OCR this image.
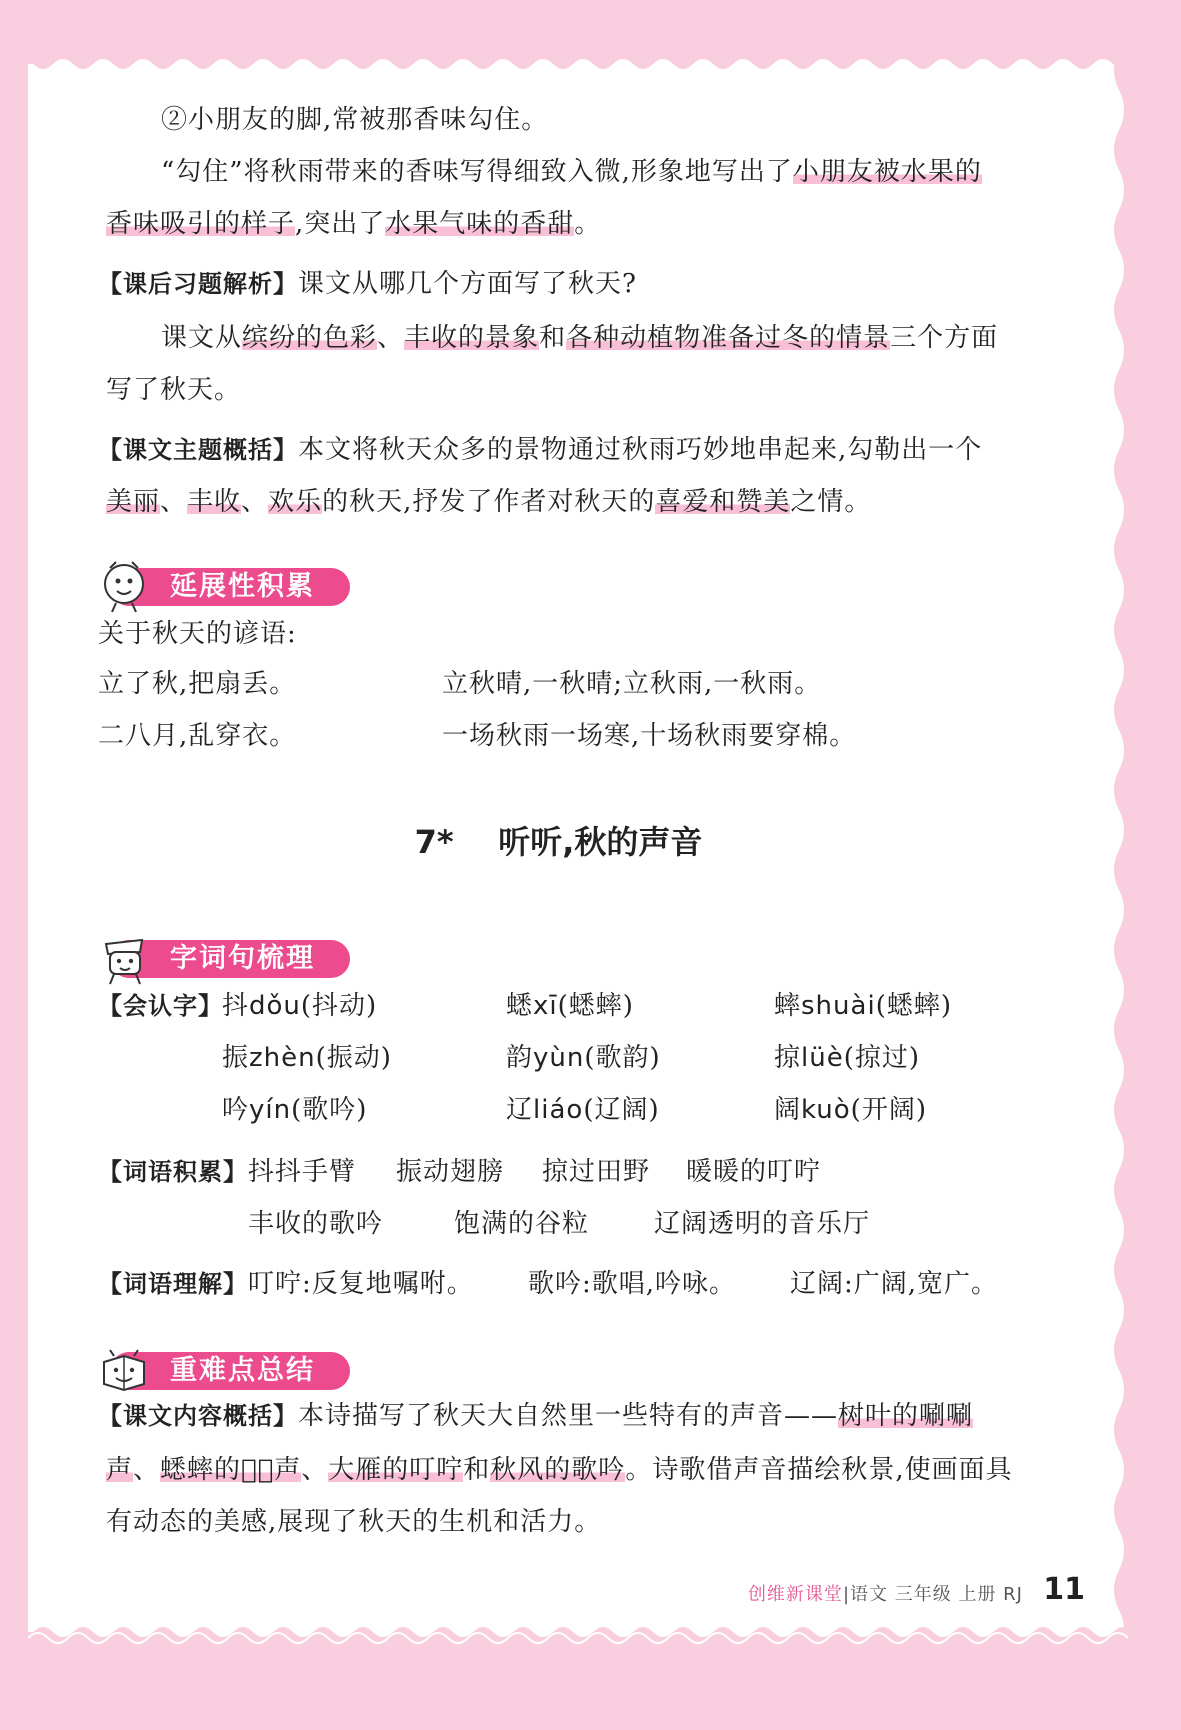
②小朋友的脚,常被那香味勾住。
“勾住”将秋雨带来的香味写得细致入微,形象地写出了小朋友被水果的
香味吸引的样子,突出了水果气味的香甜。
【课后习题解析】课文从哪几个方面写了秋天?
课文从缤纷的色彩、丰收的景象和各种动植物准备过冬的情景三个方面
写了秋天。
【课文主题概括】本文将秋天众多的景物通过秋雨巧妙地串起来,勾勒出一个
美丽、丰收、欢乐的秋天,抒发了作者对秋天的喜爱和赞美之情。
延展性积累
关于秋天的谚语:
立了秋,把扇丢。	立秋晴,一秋晴;立秋雨,一秋雨。
二八月,乱穿衣。	一场秋雨一场寒,十场秋雨要穿棉。
7* 听听,秋的声音
字词句梳理
【会认字】 抖dǒu(抖动)	蟋xī(蟋蟀)	蟀shuài(蟋蟀)
振zhèn(振动)	韵yùn(歌韵)	掠lüè(掠过)
吟yín(歌吟)	辽liáo(辽阔)	阔kuò(开阔)
【词语积累】 抖抖手臂 振动翅膀 掠过田野 暖暖的叮咛
丰收的歌吟	饱满的谷粒 辽阔透明的音乐厅
【词语理解】叮咛:反复地嘱咐。 歌吟:歌唱,吟咏。 辽阔:广阔,宽广。
重难点总结
【课文内容概括】本诗描写了秋天大自然里一些特有的声音——树叶的唰唰
声、蟋蟀的𬔸𬔸声、大雁的叮咛和秋风的歌吟。诗歌借声音描绘秋景,使画面具
有动态的美感,展现了秋天的生机和活力。
创维新课堂|语文 三年级 上册 RJ 11
